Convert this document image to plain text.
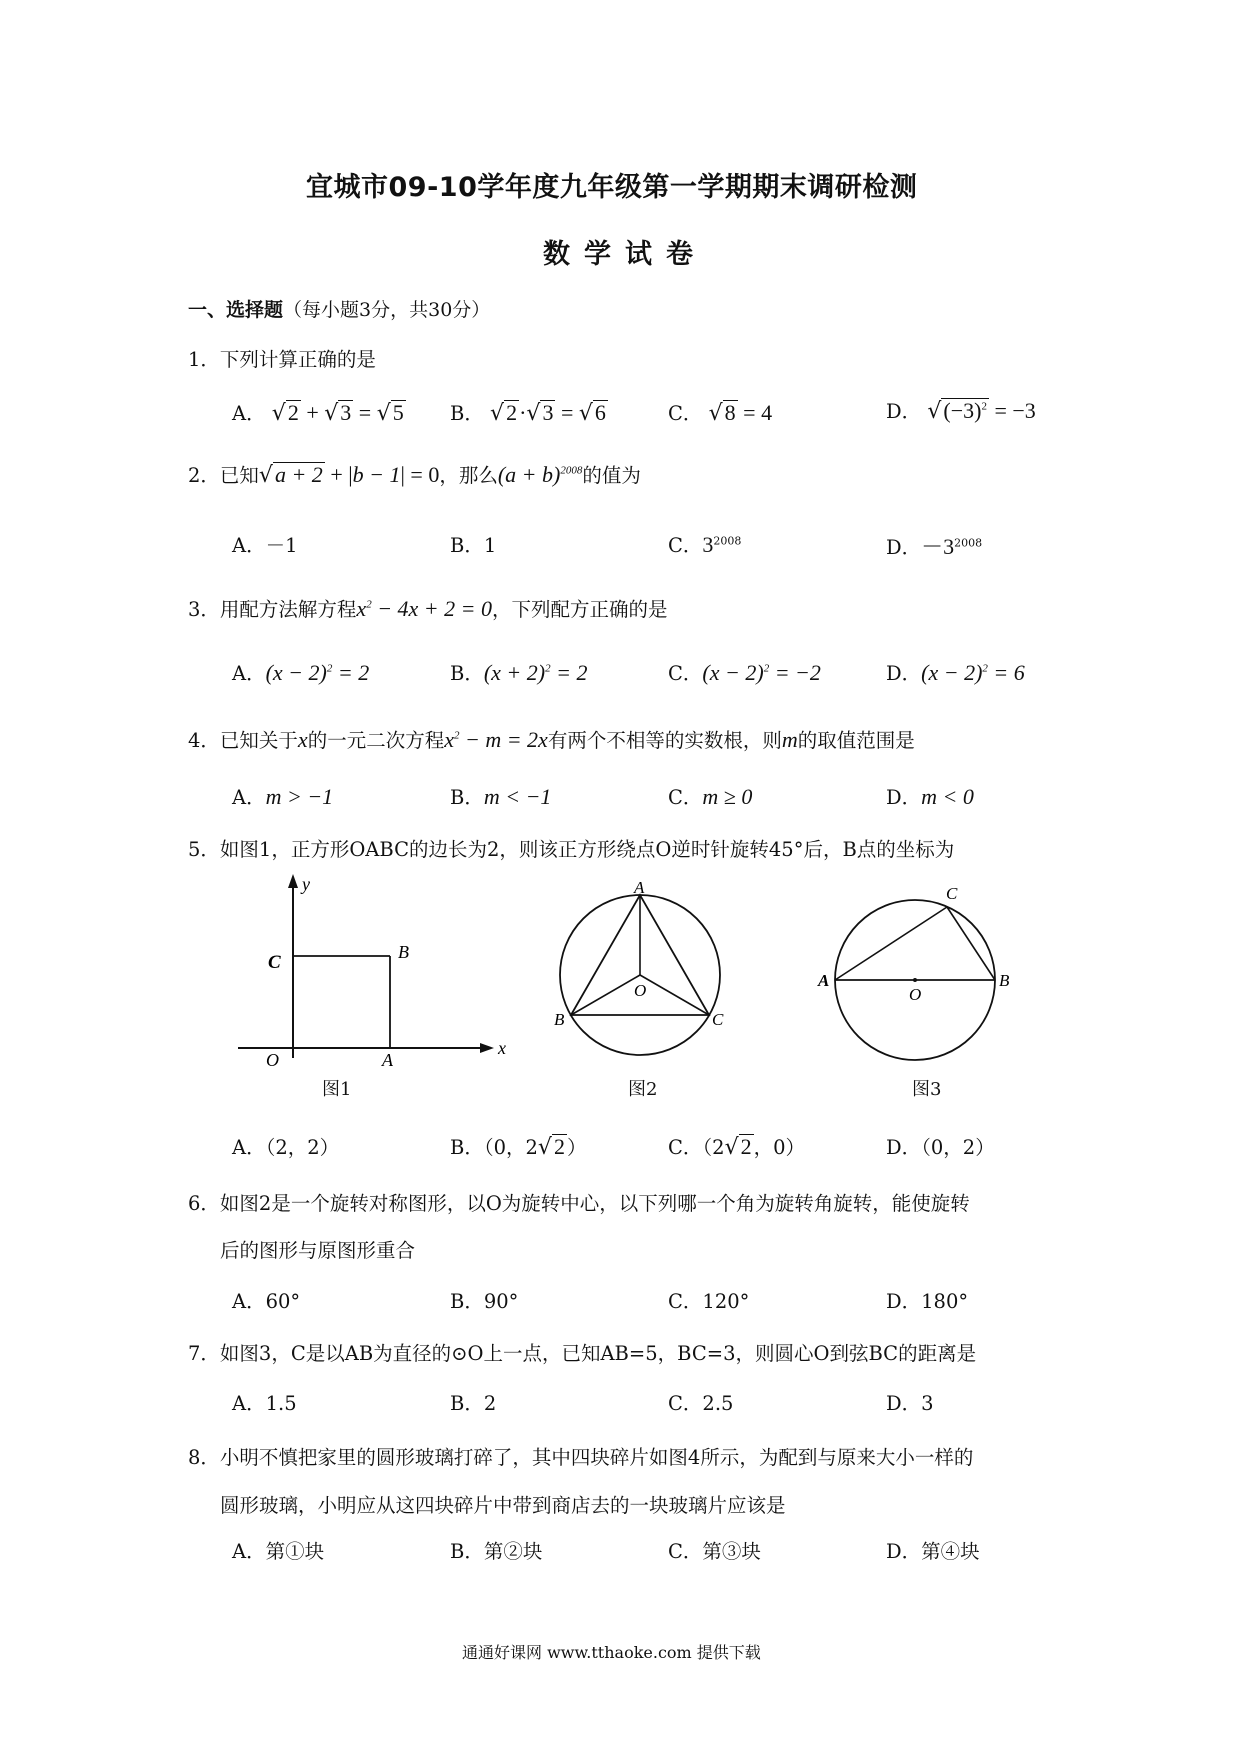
宜城市09-10学年度九年级第一学期期末调研检测
数学试卷
一、选择题（每小题3分，共30分）
1．下列计算正确的是
A． √2 + √3 = √5 B． √2·√3 = √6	C． √8 = 4	D． $√(-3)^2 = -3$
2．已知√a + 2 + |b − 1| = 0，那么$(a + b)^{2008}$的值为
A．－1	B．1	C．$3^{2008}$	D．$-3^{2008}$
3．用配方法解方程$x^2 - 4x + 2 = 0$，下列配方正确的是
A．$(x - 2)^2 = 2$	B．$(x + 2)^2 = 2$	C．$(x - 2)^2 = -2$	D．$(x - 2)^2 = 6$
4．已知关于x的一元二次方程$x^2 - m = 2x$有两个不相等的实数根，则m的取值范围是
A．m > −1	B．m < −1	C．m ≥ 0	D．m < 0
5．如图1，正方形OABC的边长为2，则该正方形绕点O逆时针旋转45°后，B点的坐标为
y
x
C	B
O	A
图1
A
B	C
O
图2
A	B
C
O
图3
A．（2，2）	B．（0，2√2 ）	C．（2√2 ，0）	D．（0，2）
6．如图2是一个旋转对称图形，以O为旋转中心，以下列哪一个角为旋转角旋转，能使旋转
后的图形与原图形重合
A．60°	B．90°	C．120°	D．180°
7．如图3，C是以AB为直径的⊙O上一点，已知AB=5，BC=3，则圆心O到弦BC的距离是
A．1.5	B．2	C．2.5	D．3
8．小明不慎把家里的圆形玻璃打碎了，其中四块碎片如图4所示，为配到与原来大小一样的
圆形玻璃，小明应从这四块碎片中带到商店去的一块玻璃片应该是
A．第①块	B．第②块	C．第③块	D．第④块
通通好课网 www.tthaoke.com 提供下载
